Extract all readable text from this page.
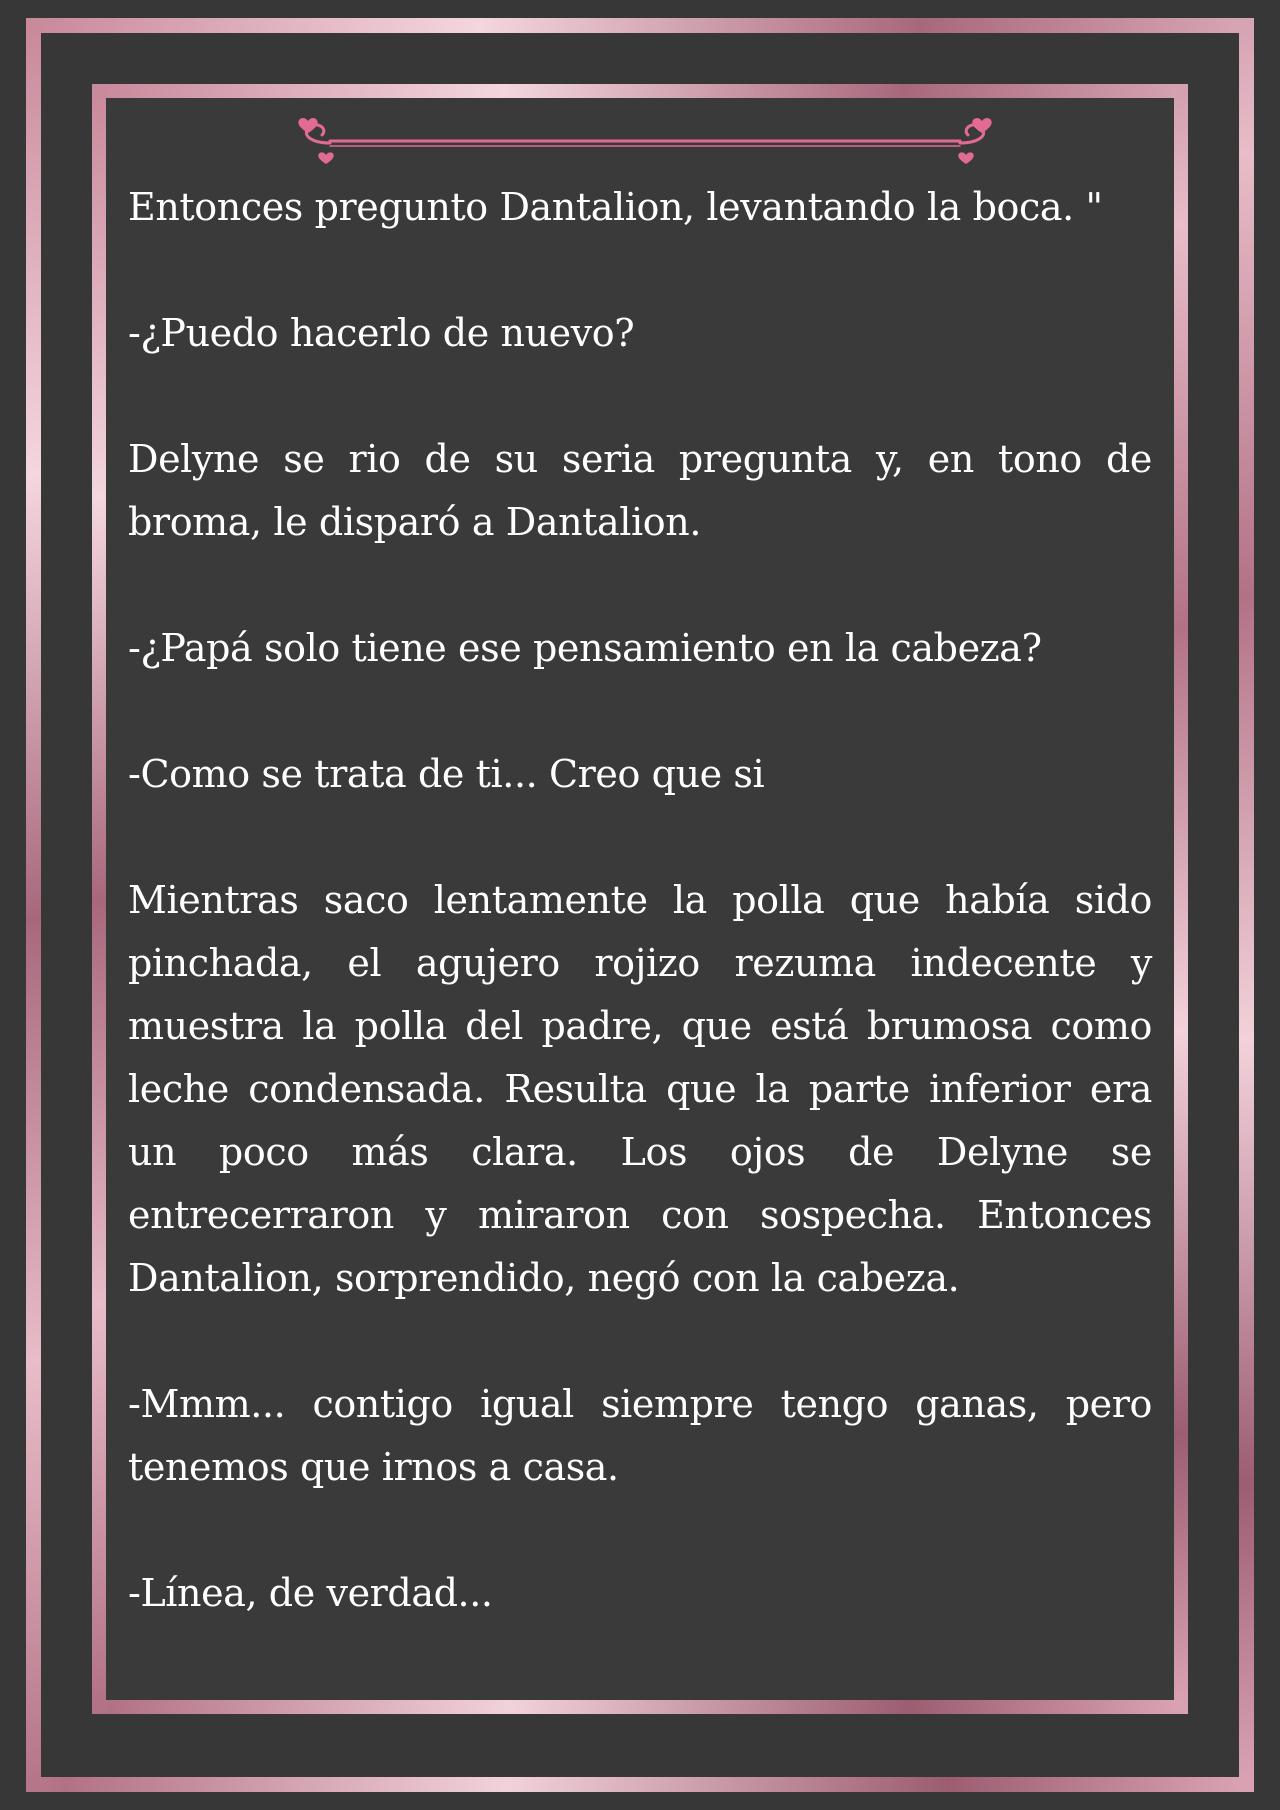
Entonces pregunto Dantalion, levantando la boca. "

-¿Puedo hacerlo de nuevo?

Delyne se rio de su seria pregunta y, en tono de broma, le disparó a Dantalion.

-¿Papá solo tiene ese pensamiento en la cabeza?

-Como se trata de ti... Creo que si

Mientras saco lentamente la polla que había sido pinchada, el agujero rojizo rezuma indecente y muestra la polla del padre, que está brumosa como leche condensada. Resulta que la parte inferior era un poco más clara. Los ojos de Delyne se entrecerraron y miraron con sospecha. Entonces Dantalion, sorprendido, negó con la cabeza.

-Mmm... contigo igual siempre tengo ganas, pero tenemos que irnos a casa.

-Línea, de verdad...
